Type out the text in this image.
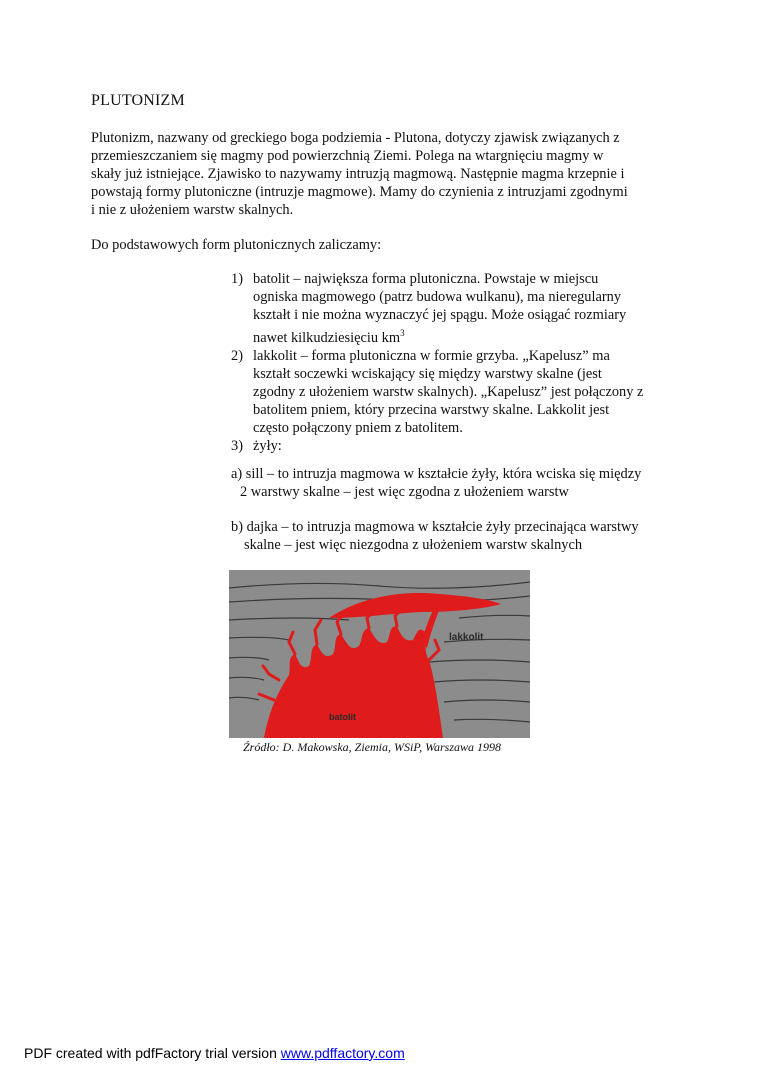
PLUTONIZM

Plutonizm, nazwany od greckiego boga podziemia - Plutona, dotyczy zjawisk związanych z
przemieszczaniem się magmy pod powierzchnią Ziemi. Polega na wtargnięciu magmy w
skały już istniejące. Zjawisko to nazywamy intruzją magmową. Następnie magma krzepnie i
powstają formy plutoniczne (intruzje magmowe). Mamy do czynienia z intruzjami zgodnymi
i nie z ułożeniem warstw skalnych.

Do podstawowych form plutonicznych zaliczamy:

1) batolit – największa forma plutoniczna. Powstaje w miejscu
ogniska magmowego (patrz budowa wulkanu), ma nieregularny
kształt i nie można wyznaczyć jej spągu. Może osiągać rozmiary
nawet kilkudziesięciu $km^3$
2) lakkolit – forma plutoniczna w formie grzyba. „Kapelusz” ma
kształt soczewki wciskający się między warstwy skalne (jest
zgodny z ułożeniem warstw skalnych). „Kapelusz” jest połączony z
batolitem pniem, który przecina warstwy skalne. Lakkolit jest
często połączony pniem z batolitem.
3) żyły:
a) sill – to intruzja magmowa w kształcie żyły, która wciska się między
2 warstwy skalne – jest więc zgodna z ułożeniem warstw
b) dajka – to intruzja magmowa w kształcie żyły przecinająca warstwy
skalne – jest więc niezgodna z ułożeniem warstw skalnych
lakkolit
batolit
Źródło: D. Makowska, Ziemia, WSiP, Warszawa 1998
PDF created with pdfFactory trial version www.pdffactory.com
